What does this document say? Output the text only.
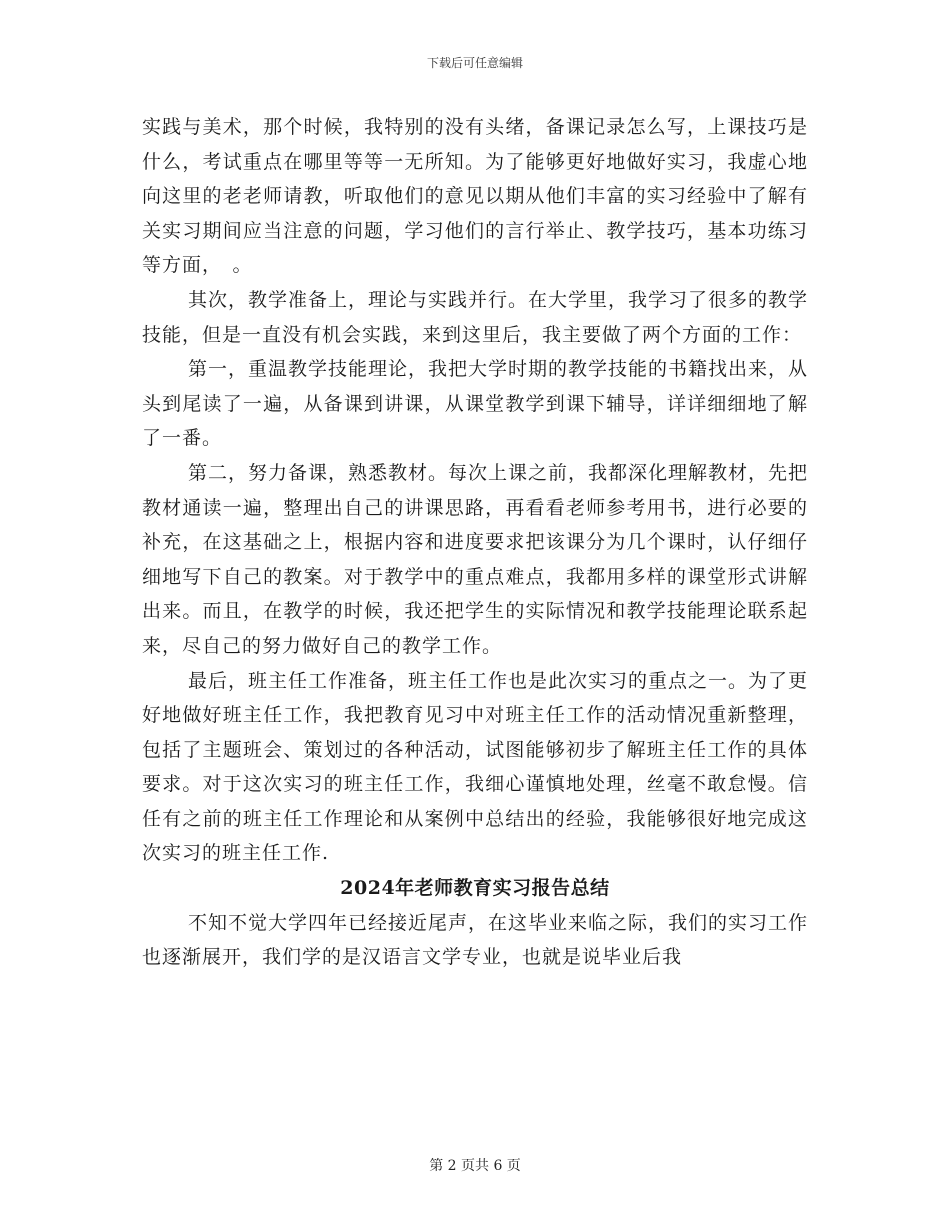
下载后可任意编辑

实践与美术，那个时候，我特别的没有头绪，备课记录怎么写，上课技巧是什么，考试重点在哪里等等一无所知。为了能够更好地做好实习，我虚心地向这里的老老师请教，听取他们的意见以期从他们丰富的实习经验中了解有关实习期间应当注意的问题，学习他们的言行举止、教学技巧，基本功练习等方面，　。

其次，教学准备上，理论与实践并行。在大学里，我学习了很多的教学技能，但是一直没有机会实践，来到这里后，我主要做了两个方面的工作：

第一，重温教学技能理论，我把大学时期的教学技能的书籍找出来，从头到尾读了一遍，从备课到讲课，从课堂教学到课下辅导，详详细细地了解了一番。

第二，努力备课，熟悉教材。每次上课之前，我都深化理解教材，先把教材通读一遍，整理出自己的讲课思路，再看看老师参考用书，进行必要的补充，在这基础之上，根据内容和进度要求把该课分为几个课时，认仔细仔细地写下自己的教案。对于教学中的重点难点，我都用多样的课堂形式讲解出来。而且，在教学的时候，我还把学生的实际情况和教学技能理论联系起来，尽自己的努力做好自己的教学工作。

最后，班主任工作准备，班主任工作也是此次实习的重点之一。为了更好地做好班主任工作，我把教育见习中对班主任工作的活动情况重新整理，包括了主题班会、策划过的各种活动，试图能够初步了解班主任工作的具体要求。对于这次实习的班主任工作，我细心谨慎地处理，丝毫不敢怠慢。信任有之前的班主任工作理论和从案例中总结出的经验，我能够很好地完成这次实习的班主任工作.

2024年老师教育实习报告总结

不知不觉大学四年已经接近尾声，在这毕业来临之际，我们的实习工作也逐渐展开，我们学的是汉语言文学专业，也就是说毕业后我

第 2 页共 6 页
